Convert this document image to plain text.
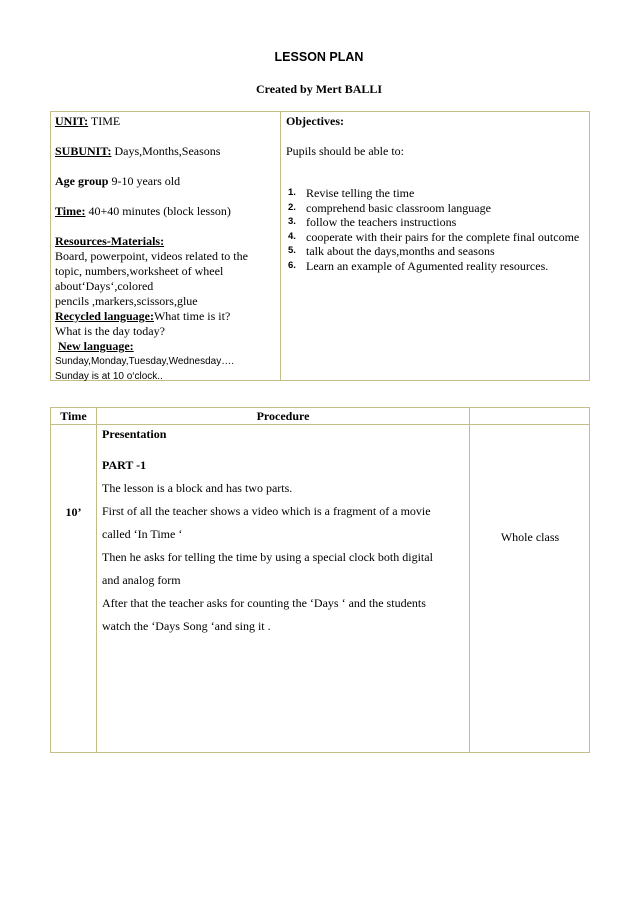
LESSON PLAN
Created by Mert BALLI
UNIT: TIME
SUBUNIT: Days,Months,Seasons
Age group 9-10 years old
Time: 40+40 minutes (block lesson)
Resources-Materials:
Board, powerpoint, videos related to the
topic, numbers,worksheet of wheel
about‘Days‘,colored
pencils ,markers,scissors,glue
Recycled language:What time is it?
What is the day today?
New language:
Sunday,Monday,Tuesday,Wednesday….
Sunday is at 10 o‘clock..
Objectives:
Pupils should be able to:
1. Revise telling the time
2. comprehend basic classroom language
3. follow the teachers instructions
4. cooperate with their pairs for the complete final outcome
5. talk about the days,months and seasons
6. Learn an example of Agumented reality resources.
Time	Procedure
10’
Presentation
PART -1
The lesson is a block and has two parts.
First of all the teacher shows a video which is a fragment of a movie
called ‘In Time ‘
Then he asks for telling the time by using a special clock both digital
and analog form
After that the teacher asks for counting the ‘Days ‘ and the students
watch the ‘Days Song ‘and sing it .
Whole class
